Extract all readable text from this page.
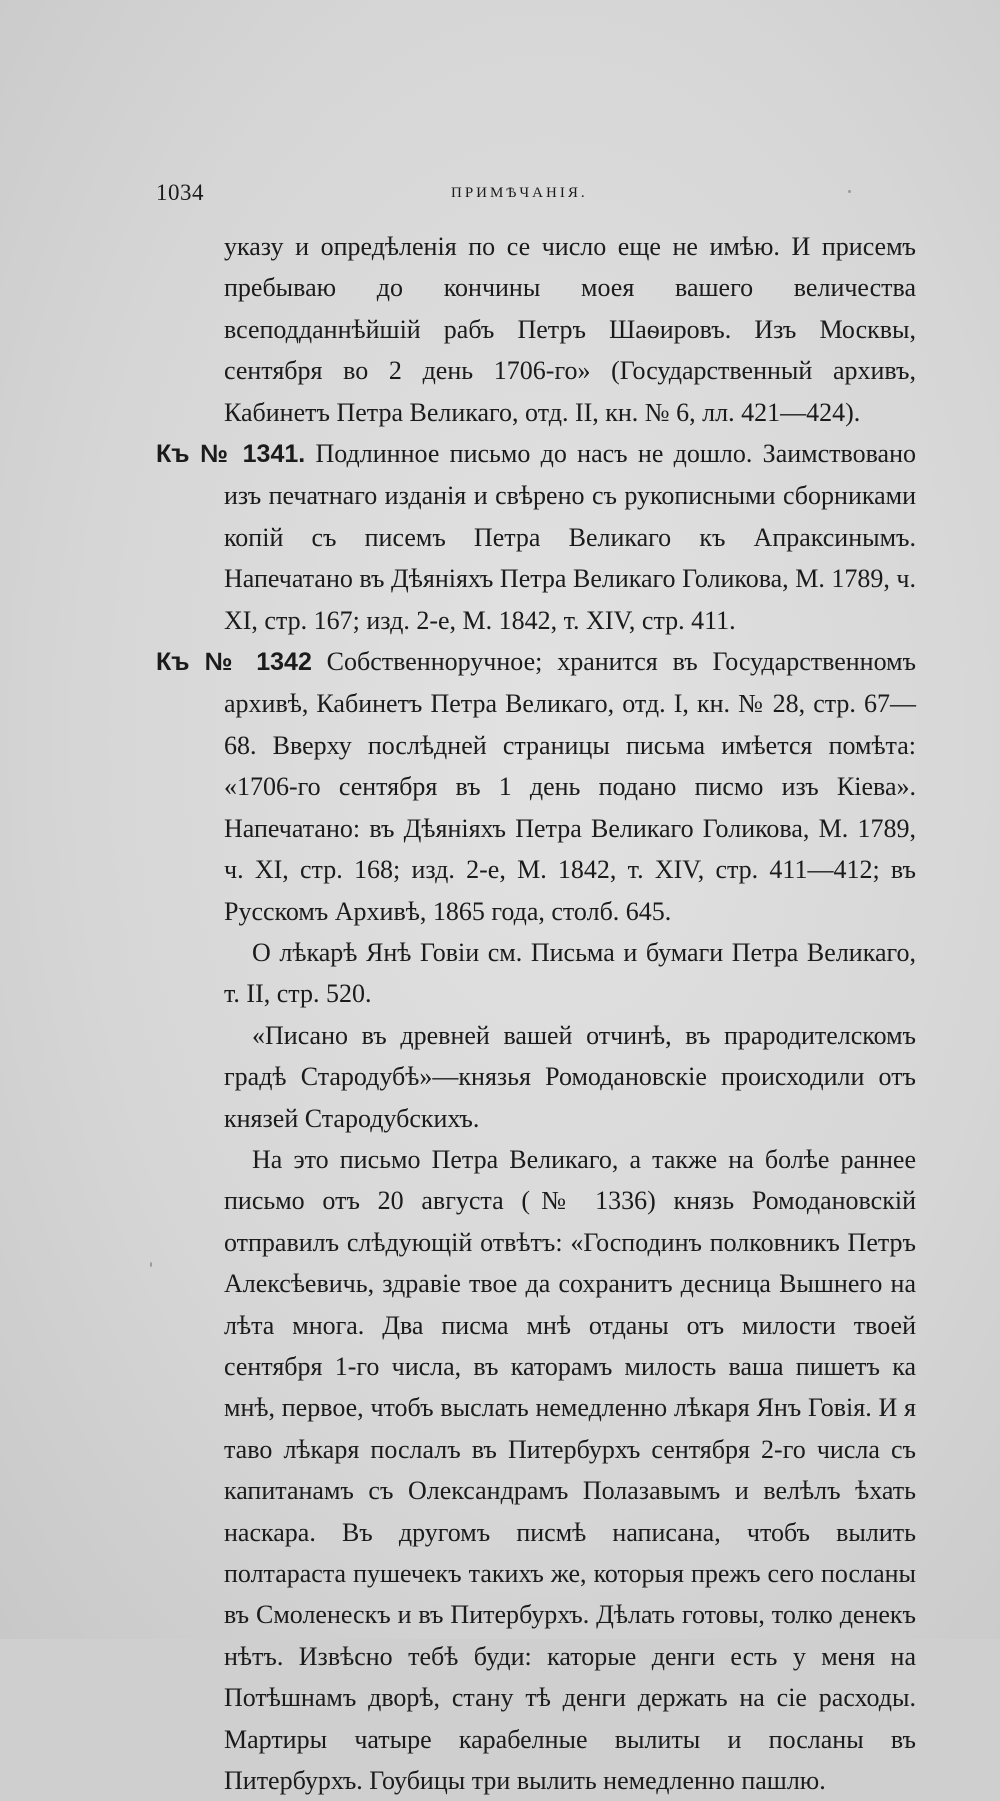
1034	ПРИМѢЧАНІЯ.

указу и опредѣленія по се число еще не имѣю. И присемъ пребываю до кончины моея вашего величества всеподданнѣйшій рабъ Петръ Шаѳировъ. Изъ Москвы, сентября во 2 день 1706-го» (Государственный архивъ, Кабинетъ Петра Великаго, отд. II, кн. № 6, лл. 421—424).

Къ № 1341. Подлинное письмо до насъ не дошло. Заимствовано изъ печатнаго изданія и свѣрено съ рукописными сборниками копій съ писемъ Петра Великаго къ Апраксинымъ. Напечатано въ Дѣяніяхъ Петра Великаго Голикова, М. 1789, ч. XI, стр. 167; изд. 2-е, М. 1842, т. XIV, стр. 411.

Къ № 1342 Собственноручное; хранится въ Государственномъ архивѣ, Кабинетъ Петра Великаго, отд. I, кн. № 28, стр. 67—68. Вверху послѣдней страницы письма имѣется помѣта: «1706-го сентября въ 1 день подано писмо изъ Кіева». Напечатано: въ Дѣяніяхъ Петра Великаго Голикова, М. 1789, ч. XI, стр. 168; изд. 2-е, М. 1842, т. XIV, стр. 411—412; въ Русскомъ Архивѣ, 1865 года, столб. 645.

О лѣкарѣ Янѣ Говіи см. Письма и бумаги Петра Великаго, т. II, стр. 520.

«Писано въ древней вашей отчинѣ, въ прародителскомъ градѣ Стародубѣ»—князья Ромодановскіе происходили отъ князей Стародубскихъ.

На это письмо Петра Великаго, а также на болѣе раннее письмо отъ 20 августа (№ 1336) князь Ромодановскій отправилъ слѣдующій отвѣтъ: «Господинъ полковникъ Петръ Алексѣевичь, здравіе твое да сохранитъ десница Вышнего на лѣта многа. Два писма мнѣ отданы отъ милости твоей сентября 1-го числа, въ каторамъ милость ваша пишетъ ка мнѣ, первое, чтобъ выслать немедленно лѣкаря Янъ Говія. И я таво лѣкаря послалъ въ Питербурхъ сентября 2-го числа съ капитанамъ съ Олександрамъ Полазавымъ и велѣлъ ѣхать наскара. Въ другомъ писмѣ написана, чтобъ вылить полтараста пушечекъ такихъ же, которыя прежъ сего посланы въ Смоленескъ и въ Питербурхъ. Дѣлать готовы, толко денекъ нѣтъ. Извѣсно тебѣ буди: каторые денги есть у меня на Потѣшнамъ дворѣ, стану тѣ денги держать на сіе расходы. Мартиры чатыре карабелные вылиты и посланы въ Питербурхъ. Гоубицы три вылить немедленно пашлю.
